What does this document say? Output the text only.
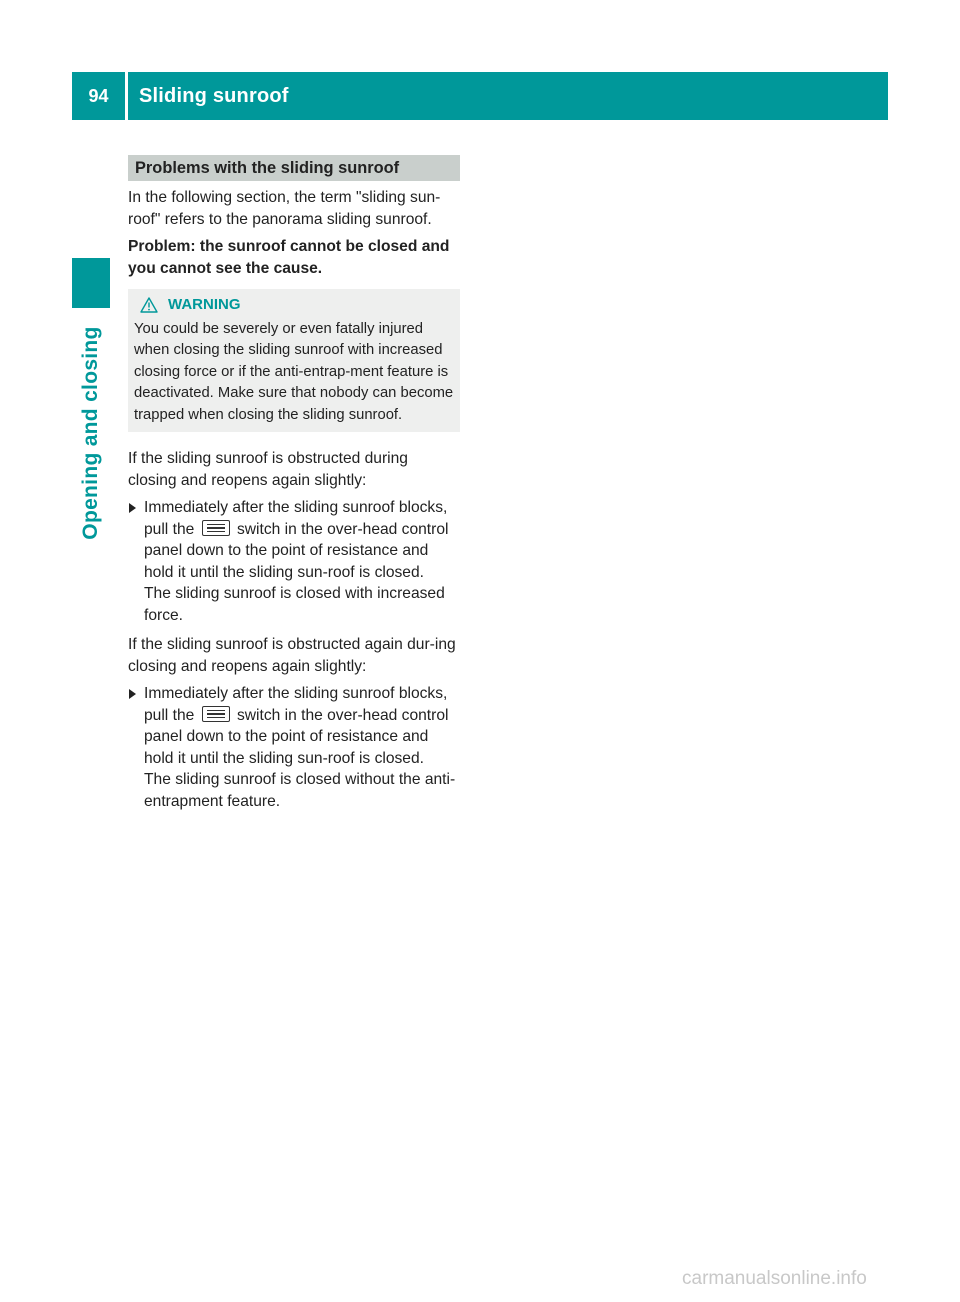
94	Sliding sunroof
Opening and closing
Problems with the sliding sunroof

In the following section, the term "sliding sun-roof" refers to the panorama sliding sunroof.

Problem: the sunroof cannot be closed and you cannot see the cause.

WARNING
You could be severely or even fatally injured when closing the sliding sunroof with increased closing force or if the anti-entrap-ment feature is deactivated. Make sure that nobody can become trapped when closing the sliding sunroof.

If the sliding sunroof is obstructed during closing and reopens again slightly:

Immediately after the sliding sunroof blocks, pull the	switch in the over-head control panel down to the point of resistance and hold it until the sliding sun-roof is closed.
The sliding sunroof is closed with increased force.

If the sliding sunroof is obstructed again dur-ing closing and reopens again slightly:

Immediately after the sliding sunroof blocks, pull the	switch in the over-head control panel down to the point of resistance and hold it until the sliding sun-roof is closed.
The sliding sunroof is closed without the anti-entrapment feature.
carmanualsonline.info
